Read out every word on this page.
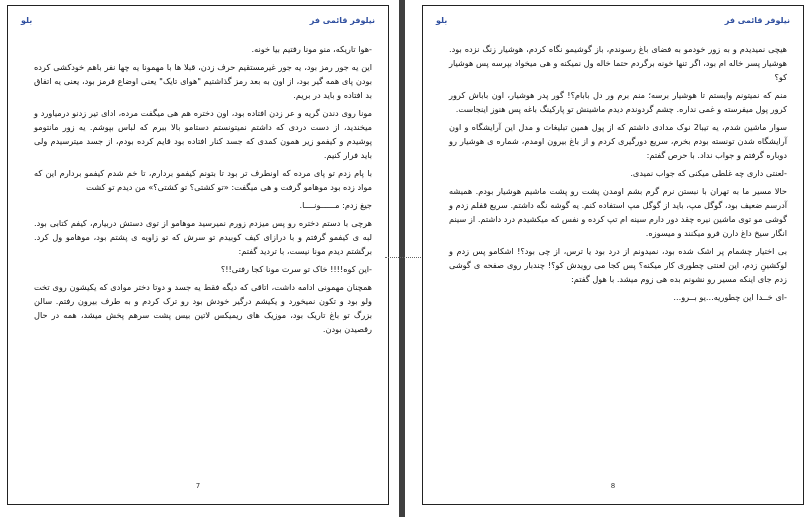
بلو	نیلوفر قائمی فر

-هوا تاریکه، منو مونا رفتیم بیا خونه.

این یه جور رمز بود، یه جور غیرمستقیم حرف زدن، قبلا ها با مهمونا یه چها نفر باهم خودکشی کرده بودن پای همه گیر بود، از اون به بعد رمز گذاشتیم "هوای تایک" یعنی اوضاع قرمز بود، یعنی یه اتفاق بد افتاده و باید در بریم.

مونا روی دندن گریه و عر زدن افتاده بود، اون دختره هم هی میگفت مرده، ادای تیر زدنو درمیاورد و میخندید، از دست دردی که داشتم نمیتونستم دستامو بالا ببرم که لباس بپوشم. یه زور مانتومو پوشیدم و کیفمو زیر همون کمدی که جسد کنار افتاده بود قایم کرده بودم، از جسد میترسیدم ولی باید فرار کنیم.

با پام زدم تو پای مرده که اونطرف تر بود تا بتونم کیفمو بردارم، تا خم شدم کیفمو بردارم این که مواد زده بود موهامو گرفت و هی میگفت: «تو کشتی؟ تو کشتی؟» من دیدم تو کشت

جیغ زدم: مــــــونــــا.

هرچی با دستم دختره رو پس میزدم زورم نمیرسید موهامو از توی دستش دربیارم، کیفم کتابی بود. لبه ی کیفمو گرفتم و با درازای کیف کوبیدم تو سرش که تو زاویه ی پشتم بود، موهامو ول کرد. برگشتم دیدم مونا نیست، با تردید گفتم:

-این کوه!!!! خاک تو سرت مونا کجا رفتی!!؟

همچنان مهمونی ادامه داشت، اتاقی که دیگه فقط یه جسد و دوتا دختر موادی که یکیشون روی تخت ولو بود و تکون نمیخورد و یکیشم درگیر خودش بود رو ترک کردم و به طرف بیرون رفتم. سالن بزرگ تو باغ تاریک بود، موزیک های ریمیکس لاتین بیس پشت سرهم پخش میشد، همه در حال رقصیدن بودن.

7
بلو	نیلوفر قائمی فر

هیچی نمیدیدم و به زور خودمو به فضای باغ رسوندم، باز گوشیمو نگاه کردم، هوشیار زنگ نزده بود. هوشیار پسر خاله ام بود، اگر تنها خونه برگردم حتما خاله ول نمیکنه و هی میخواد بپرسه پس هوشیار کو؟

منم که نمیتونم وایستم تا هوشیار برسه؛ منم برم ور دل بابام؟! گور پدر هوشیار، اون باباش کرور کرور پول میفرسته و غمی نداره. چشم گردوندم دیدم ماشینش تو پارکینگ باغه پس هنوز اینجاست.

سوار ماشین شدم، یه تیبا2 نوک مدادی داشتم که از پول همین تبلیغات و مدل این آرایشگاه و اون آرایشگاه شدن تونسته بودم بخرم، سریع دورگیری کردم و از باغ بیرون اومدم، شماره ی هوشیار رو دوباره گرفتم و جواب نداد. با حرص گفتم:

-لعنتی داری چه غلطی میکنی که جواب نمیدی.

حالا مسیر ما به تهران با نبستن نرم گرم بشم اومدن پشت رو پشت ماشیم هوشیار بودم. همیشه آدرسم ضعیف بود، گوگل مپ، باید از گوگل مپ استفاده کنم. یه گوشه نگه داشتم. سریع قفلم زدم و گوشی مو توی ماشین نیره چقد دور دارم سینه ام تپ کرده و نفس که میکشیدم درد داشتم. از سینم انگار سیخ داغ دارن فرو میکنند و میسوزه.

بی اختیار چشمام پر اشک شده بود، نمیدونم از درد بود یا ترس، از چی بود؟! اشکامو پس زدم و لوکشینِ زدم، این لعنتی چطوری کار میکنه؟ پس کجا می رویدش کو؟! چندبار روی صفحه ی گوشی زدم جای اینکه مسیر رو نشونم بده هی زوم میشد. با هول گفتم:

-ای خــدا این چطوریه...یو بــرو...

8
